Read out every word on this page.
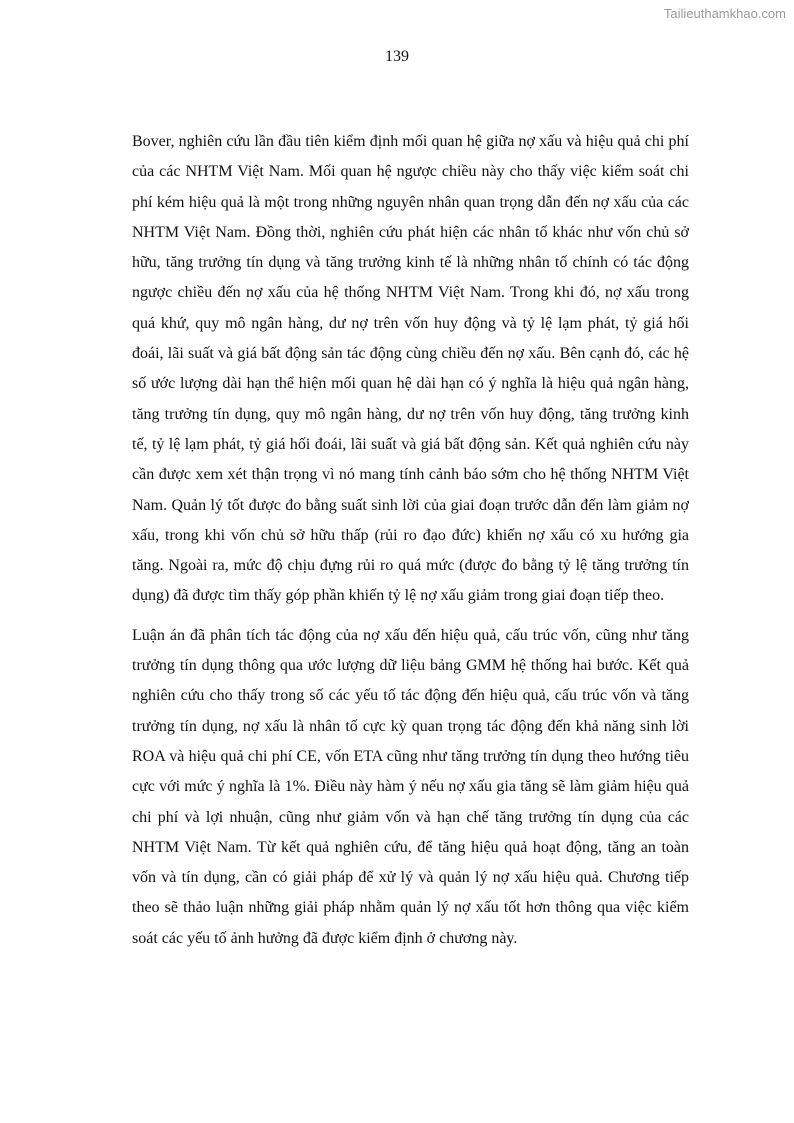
Tailieuthamkhao.com
139

Bover, nghiên cứu lần đầu tiên kiểm định mối quan hệ giữa nợ xấu và hiệu quả chi phí của các NHTM Việt Nam. Mối quan hệ ngược chiều này cho thấy việc kiểm soát chi phí kém hiệu quả là một trong những nguyên nhân quan trọng dẫn đến nợ xấu của các NHTM Việt Nam. Đồng thời, nghiên cứu phát hiện các nhân tố khác như vốn chủ sở hữu, tăng trưởng tín dụng và tăng trưởng kinh tế là những nhân tố chính có tác động ngược chiều đến nợ xấu của hệ thống NHTM Việt Nam. Trong khi đó, nợ xấu trong quá khứ, quy mô ngân hàng, dư nợ trên vốn huy động và tỷ lệ lạm phát, tỷ giá hối đoái, lãi suất và giá bất động sản tác động cùng chiều đến nợ xấu. Bên cạnh đó, các hệ số ước lượng dài hạn thể hiện mối quan hệ dài hạn có ý nghĩa là hiệu quả ngân hàng, tăng trưởng tín dụng, quy mô ngân hàng, dư nợ trên vốn huy động, tăng trưởng kinh tế, tỷ lệ lạm phát, tỷ giá hối đoái, lãi suất và giá bất động sản. Kết quả nghiên cứu này cần được xem xét thận trọng vì nó mang tính cảnh báo sớm cho hệ thống NHTM Việt Nam. Quản lý tốt được đo bằng suất sinh lời của giai đoạn trước dẫn đến làm giảm nợ xấu, trong khi vốn chủ sở hữu thấp (rủi ro đạo đức) khiến nợ xấu có xu hướng gia tăng. Ngoài ra, mức độ chịu đựng rủi ro quá mức (được đo bằng tỷ lệ tăng trưởng tín dụng) đã được tìm thấy góp phần khiến tỷ lệ nợ xấu giảm trong giai đoạn tiếp theo.

Luận án đã phân tích tác động của nợ xấu đến hiệu quả, cấu trúc vốn, cũng như tăng trưởng tín dụng thông qua ước lượng dữ liệu bảng GMM hệ thống hai bước. Kết quả nghiên cứu cho thấy trong số các yếu tố tác động đến hiệu quả, cấu trúc vốn và tăng trưởng tín dụng, nợ xấu là nhân tố cực kỳ quan trọng tác động đến khả năng sinh lời ROA và hiệu quả chi phí CE, vốn ETA cũng như tăng trưởng tín dụng theo hướng tiêu cực với mức ý nghĩa là 1%. Điều này hàm ý nếu nợ xấu gia tăng sẽ làm giảm hiệu quả chi phí và lợi nhuận, cũng như giảm vốn và hạn chế tăng trưởng tín dụng của các NHTM Việt Nam. Từ kết quả nghiên cứu, để tăng hiệu quả hoạt động, tăng an toàn vốn và tín dụng, cần có giải pháp để xử lý và quản lý nợ xấu hiệu quả. Chương tiếp theo sẽ thảo luận những giải pháp nhằm quản lý nợ xấu tốt hơn thông qua việc kiểm soát các yếu tố ảnh hưởng đã được kiểm định ở chương này.
